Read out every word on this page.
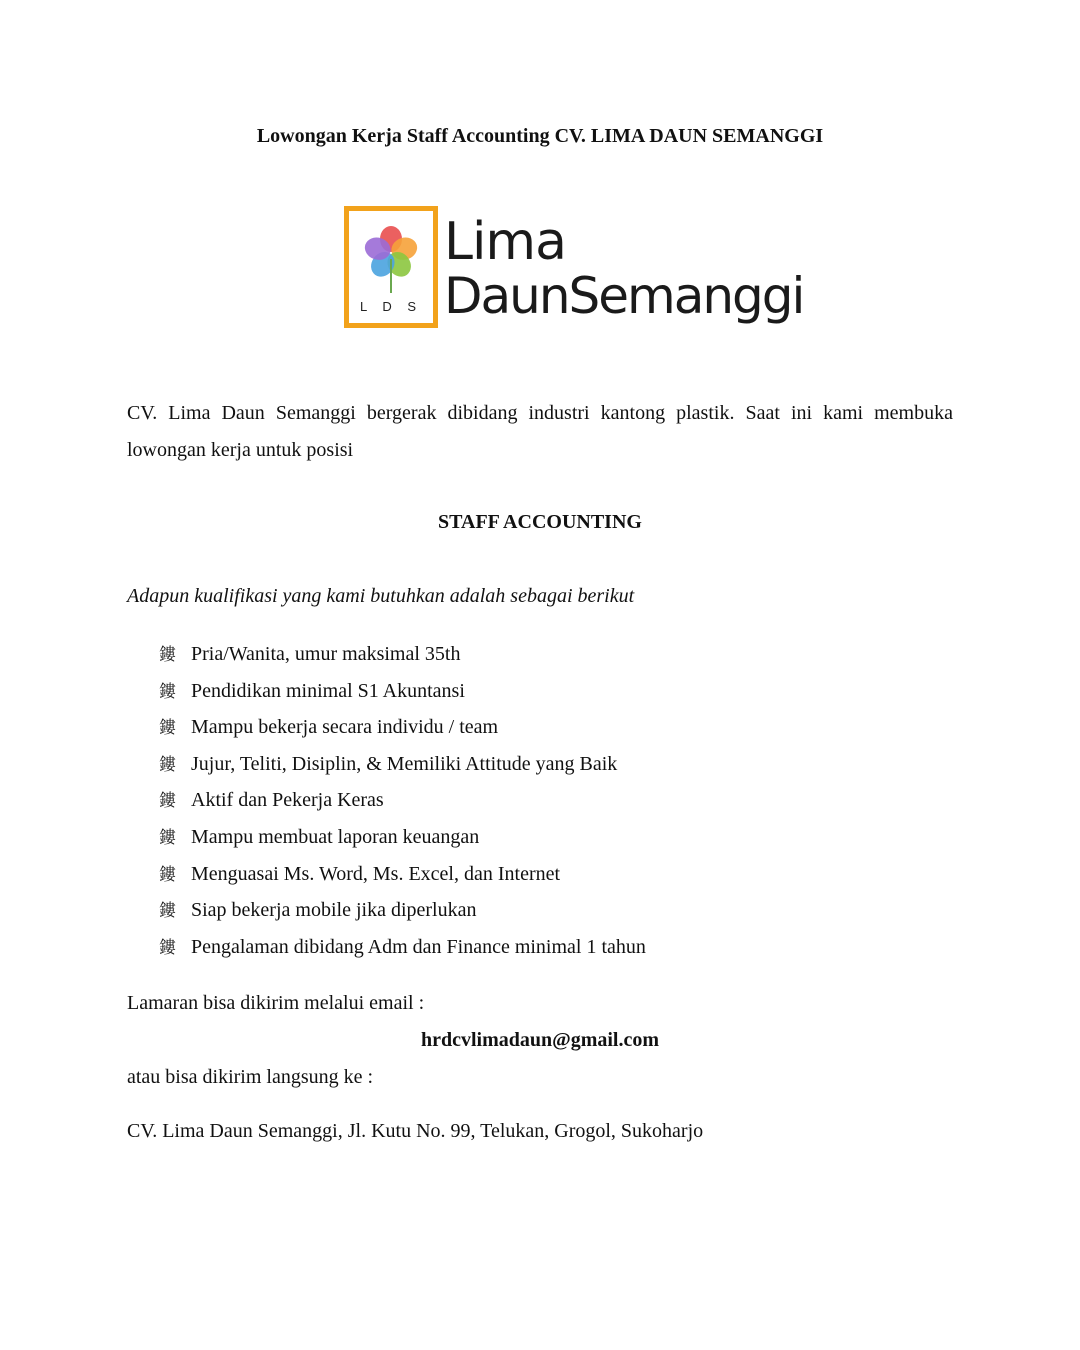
Lowongan Kerja Staff Accounting CV. LIMA DAUN SEMANGGI
L D S
Lima
DaunSemanggi

CV. Lima Daun Semanggi bergerak dibidang industri kantong plastik. Saat ini kami membuka lowongan kerja untuk posisi

STAFF ACCOUNTING

Adapun kualifikasi yang kami butuhkan adalah sebagai berikut

鏤 Pria/Wanita, umur maksimal 35th
鏤 Pendidikan minimal S1 Akuntansi
鏤 Mampu bekerja secara individu / team
鏤 Jujur, Teliti, Disiplin, & Memiliki Attitude yang Baik
鏤 Aktif dan Pekerja Keras
鏤 Mampu membuat laporan keuangan
鏤 Menguasai Ms. Word, Ms. Excel, dan Internet
鏤 Siap bekerja mobile jika diperlukan
鏤 Pengalaman dibidang Adm dan Finance minimal 1 tahun

Lamaran bisa dikirim melalui email :

hrdcvlimadaun@gmail.com

atau bisa dikirim langsung ke :

CV. Lima Daun Semanggi, Jl. Kutu No. 99, Telukan, Grogol, Sukoharjo
